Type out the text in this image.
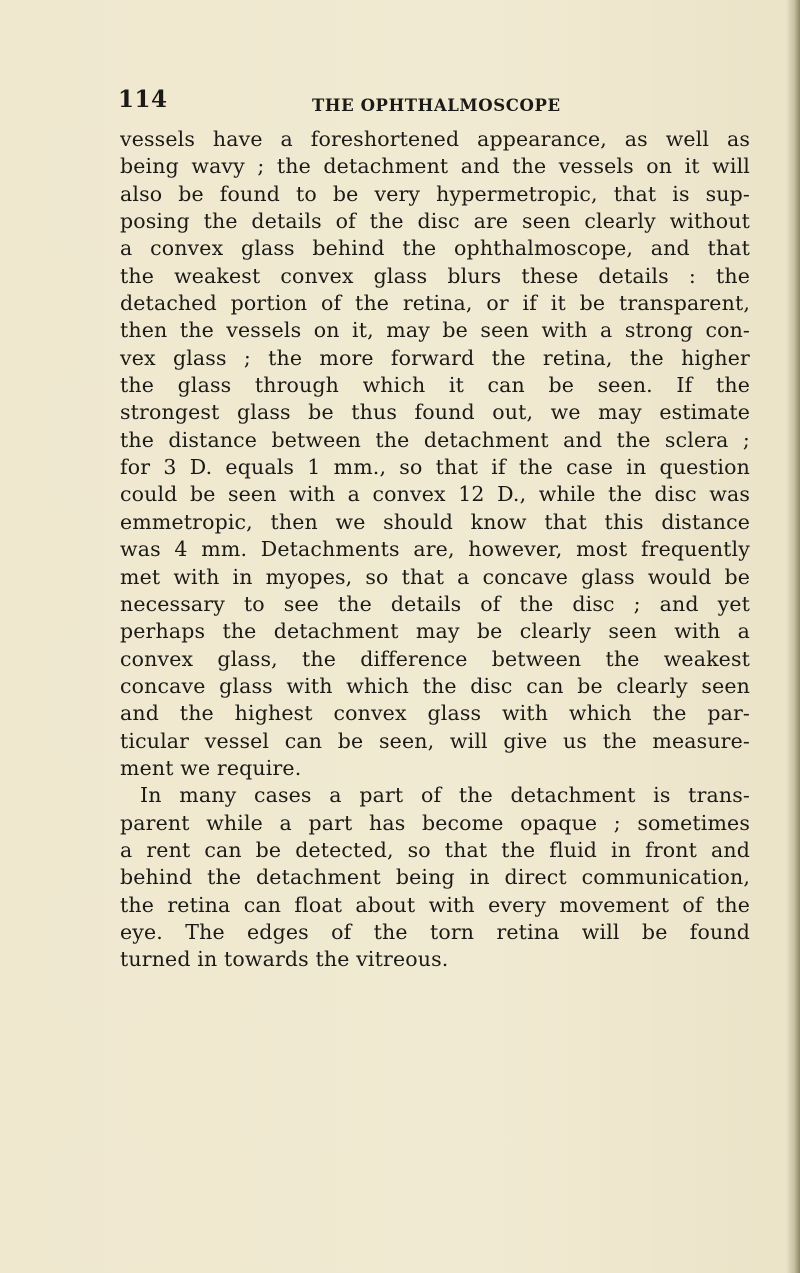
114	THE OPHTHALMOSCOPE
vessels have a foreshortened appearance, as well as
being wavy ; the detachment and the vessels on it will
also be found to be very hypermetropic, that is sup-
posing the details of the disc are seen clearly without
a convex glass behind the ophthalmoscope, and that
the weakest convex glass blurs these details : the
detached portion of the retina, or if it be transparent,
then the vessels on it, may be seen with a strong con-
vex glass ; the more forward the retina, the higher
the glass through which it can be seen. If the
strongest glass be thus found out, we may estimate
the distance between the detachment and the sclera ;
for 3 D. equals 1 mm., so that if the case in question
could be seen with a convex 12 D., while the disc was
emmetropic, then we should know that this distance
was 4 mm. Detachments are, however, most frequently
met with in myopes, so that a concave glass would be
necessary to see the details of the disc ; and yet
perhaps the detachment may be clearly seen with a
convex glass, the difference between the weakest
concave glass with which the disc can be clearly seen
and the highest convex glass with which the par-
ticular vessel can be seen, will give us the measure-
ment we require.
In many cases a part of the detachment is trans-
parent while a part has become opaque ; sometimes
a rent can be detected, so that the fluid in front and
behind the detachment being in direct communication,
the retina can float about with every movement of the
eye. The edges of the torn retina will be found
turned in towards the vitreous.
